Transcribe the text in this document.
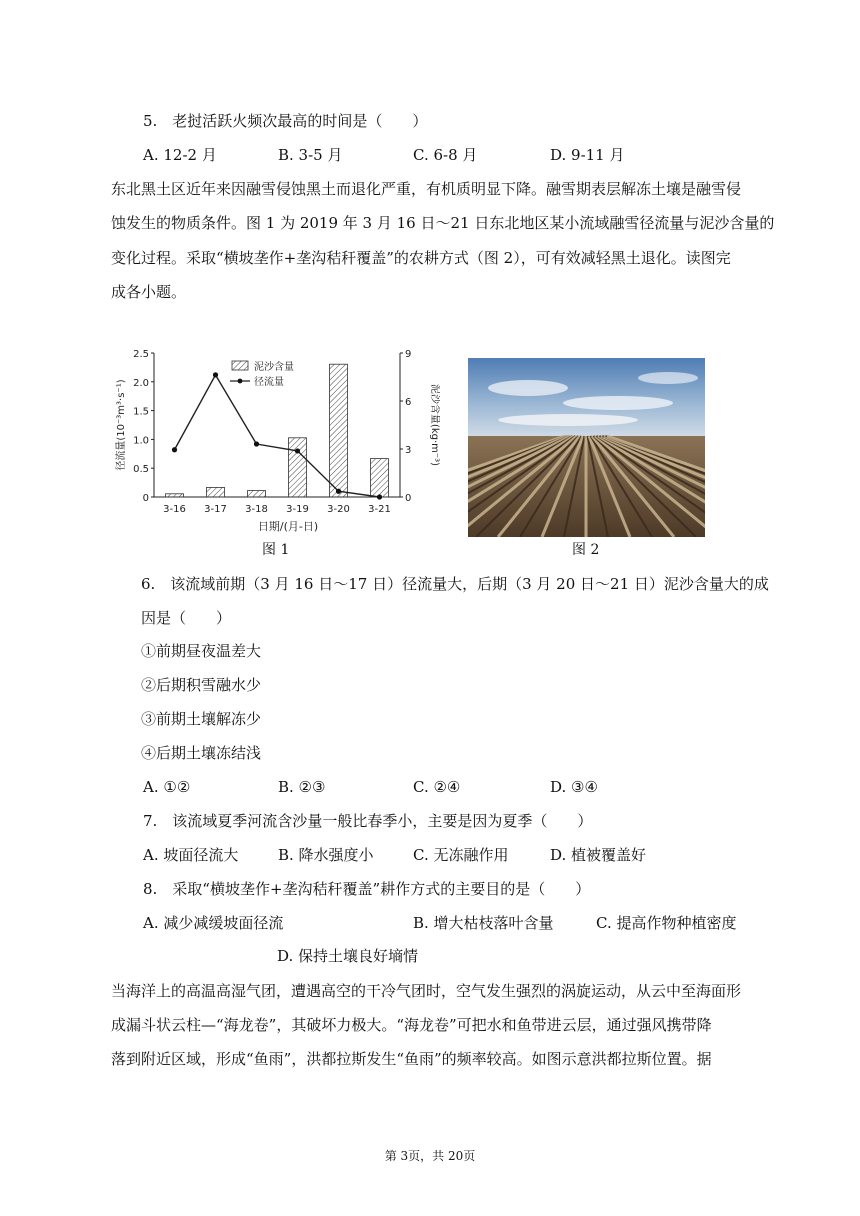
5.　老挝活跃火频次最高的时间是（　　）
A. 12-2 月	B. 3-5 月	C. 6-8 月	D. 9-11 月
东北黑土区近年来因融雪侵蚀黑土而退化严重，有机质明显下降。融雪期表层解冻土壤是融雪侵
蚀发生的物质条件。图 1 为 2019 年 3 月 16 日～21 日东北地区某小流域融雪径流量与泥沙含量的
变化过程。采取“横坡垄作+垄沟秸秆覆盖”的农耕方式（图 2），可有效减轻黑土退化。读图完
成各小题。
0
0.5
1.0
1.5
2.0
2.5
0
3
6
9
3-16 3-17 3-18 3-19 3-20 3-21
日期/(月-日)
径流量(10⁻³m³·s⁻¹)	泥沙含量(kg·m⁻³)
泥沙含量
径流量
图 1	图 2
6.　该流域前期（3 月 16 日～17 日）径流量大，后期（3 月 20 日～21 日）泥沙含量大的成
因是（　　）
①前期昼夜温差大
②后期积雪融水少
③前期土壤解冻少
④后期土壤冻结浅
A. ①②	B. ②③	C. ②④	D. ③④
7.　该流域夏季河流含沙量一般比春季小，主要是因为夏季（　　）
A. 坡面径流大	B. 降水强度小	C. 无冻融作用	D. 植被覆盖好
8.　采取“横坡垄作+垄沟秸秆覆盖”耕作方式的主要目的是（　　）
A. 减少减缓坡面径流	B. 增大枯枝落叶含量	C. 提高作物种植密度
D. 保持土壤良好墒情
当海洋上的高温高湿气团，遭遇高空的干冷气团时，空气发生强烈的涡旋运动，从云中至海面形
成漏斗状云柱—“海龙卷”，其破坏力极大。“海龙卷”可把水和鱼带进云层，通过强风携带降
落到附近区域，形成“鱼雨”，洪都拉斯发生“鱼雨”的频率较高。如图示意洪都拉斯位置。据
第 3页，共 20页
